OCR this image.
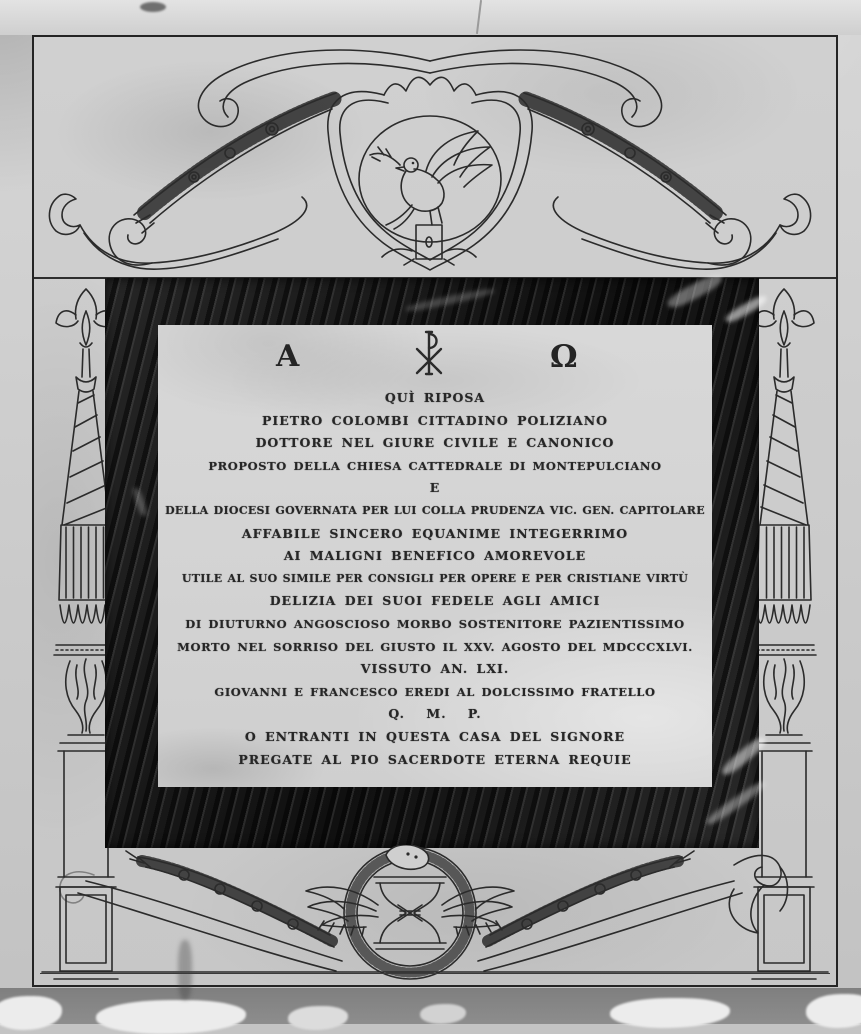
A	Ω
QUÌ RIPOSA
PIETRO COLOMBI CITTADINO POLIZIANO
DOTTORE NEL GIURE CIVILE E CANONICO
PROPOSTO DELLA CHIESA CATTEDRALE DI MONTEPULCIANO
E
DELLA DIOCESI GOVERNATA PER LUI COLLA PRUDENZA VIC. GEN. CAPITOLARE
AFFABILE SINCERO EQUANIME INTEGERRIMO
AI MALIGNI BENEFICO AMOREVOLE
UTILE AL SUO SIMILE PER CONSIGLI PER OPERE E PER CRISTIANE VIRTÙ
DELIZIA DEI SUOI FEDELE AGLI AMICI
DI DIUTURNO ANGOSCIOSO MORBO SOSTENITORE PAZIENTISSIMO
MORTO NEL SORRISO DEL GIUSTO IL XXV. AGOSTO DEL MDCCCXLVI.
VISSUTO AN. LXI.
GIOVANNI E FRANCESCO EREDI AL DOLCISSIMO FRATELLO
Q. M. P.
O ENTRANTI IN QUESTA CASA DEL SIGNORE
PREGATE AL PIO SACERDOTE ETERNA REQUIE
